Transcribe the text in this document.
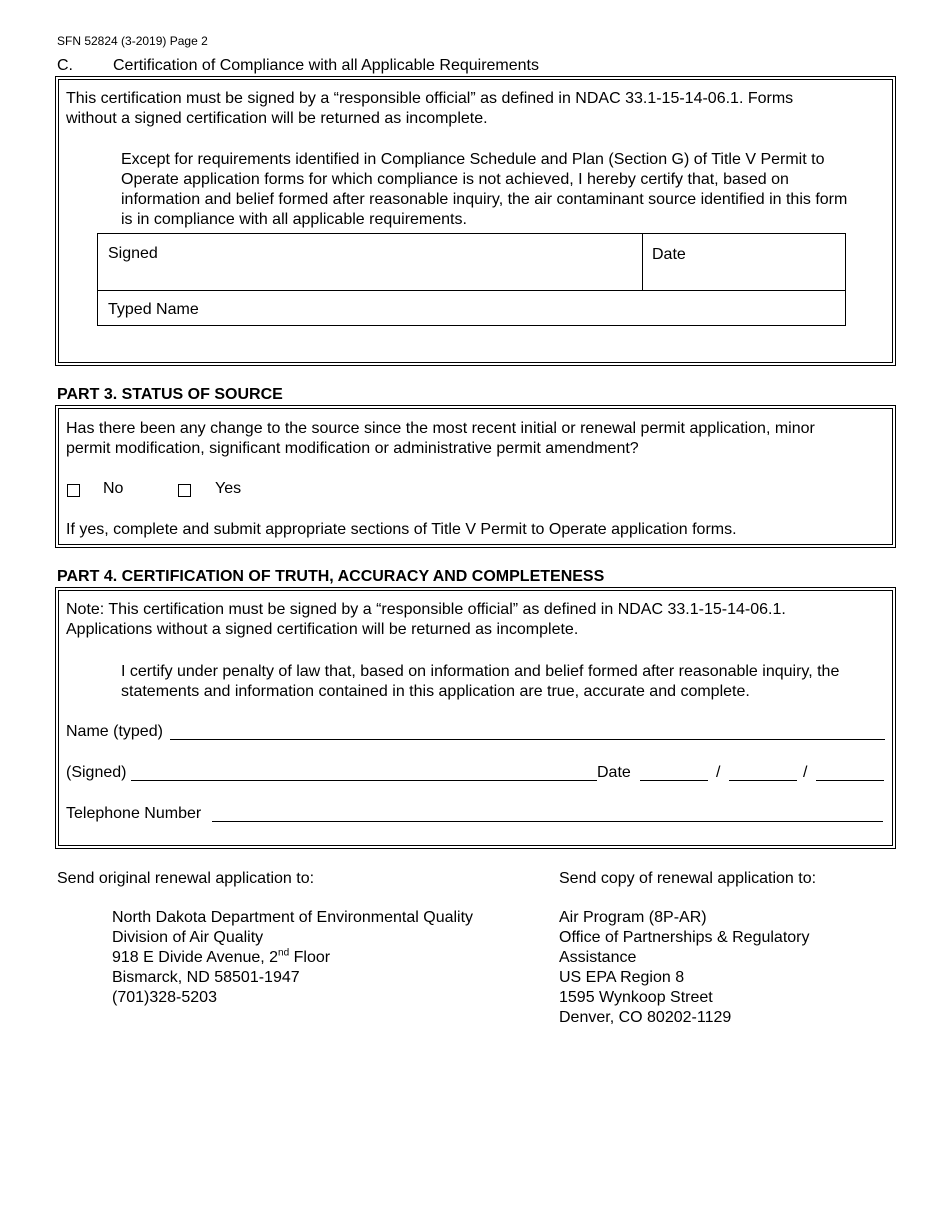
SFN 52824 (3-2019) Page 2
C.	Certification of Compliance with all Applicable Requirements
This certification must be signed by a “responsible official” as defined in NDAC 33.1-15-14-06.1. Forms
without a signed certification will be returned as incomplete.
Except for requirements identified in Compliance Schedule and Plan (Section G) of Title V Permit to
Operate application forms for which compliance is not achieved, I hereby certify that, based on
information and belief formed after reasonable inquiry, the air contaminant source identified in this form
is in compliance with all applicable requirements.
Signed	Date
Typed Name
PART 3. STATUS OF SOURCE
Has there been any change to the source since the most recent initial or renewal permit application, minor
permit modification, significant modification or administrative permit amendment?
No	Yes
If yes, complete and submit appropriate sections of Title V Permit to Operate application forms.
PART 4. CERTIFICATION OF TRUTH, ACCURACY AND COMPLETENESS
Note: This certification must be signed by a “responsible official” as defined in NDAC 33.1-15-14-06.1.
Applications without a signed certification will be returned as incomplete.
I certify under penalty of law that, based on information and belief formed after reasonable inquiry, the
statements and information contained in this application are true, accurate and complete.
Name (typed)
(Signed)	Date	/	/
Telephone Number
Send original renewal application to:
North Dakota Department of Environmental Quality
Division of Air Quality
918 E Divide Avenue, 2nd Floor
Bismarck, ND 58501-1947
(701)328-5203
Send copy of renewal application to:
Air Program (8P-AR)
Office of Partnerships & Regulatory
Assistance
US EPA Region 8
1595 Wynkoop Street
Denver, CO 80202-1129
